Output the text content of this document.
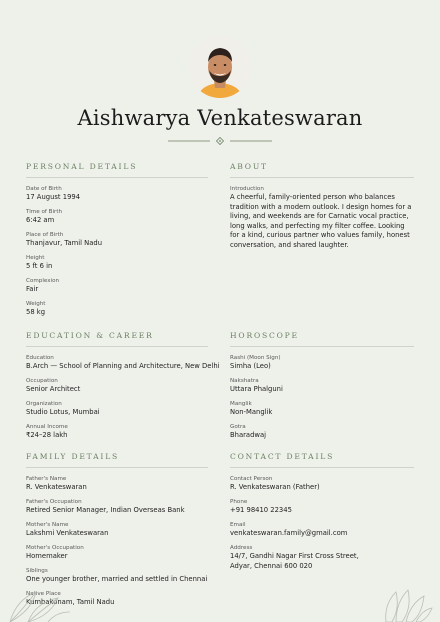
Aishwarya Venkateswaran
PERSONAL DETAILS
Date of Birth
17 August 1994
Time of Birth
6:42 am
Place of Birth
Thanjavur, Tamil Nadu
Height
5 ft 6 in
Complexion
Fair
Weight
58 kg
ABOUT
Introduction
A cheerful, family-oriented person who balances tradition with a modern outlook. I design homes for a living, and weekends are for Carnatic vocal practice, long walks, and perfecting my filter coffee. Looking for a kind, curious partner who values family, honest conversation, and shared laughter.
EDUCATION & CAREER
Education
B.Arch — School of Planning and Architecture, New Delhi
Occupation
Senior Architect
Organization
Studio Lotus, Mumbai
Annual Income
₹24–28 lakh
HOROSCOPE
Rashi (Moon Sign)
Simha (Leo)
Nakshatra
Uttara Phalguni
Manglik
Non-Manglik
Gotra
Bharadwaj
FAMILY DETAILS
Father's Name
R. Venkateswaran
Father's Occupation
Retired Senior Manager, Indian Overseas Bank
Mother's Name
Lakshmi Venkateswaran
Mother's Occupation
Homemaker
Siblings
One younger brother, married and settled in Chennai
Native Place
Kumbakonam, Tamil Nadu
CONTACT DETAILS
Contact Person
R. Venkateswaran (Father)
Phone
+91 98410 22345
Email
venkateswaran.family@gmail.com
Address
14/7, Gandhi Nagar First Cross Street,
Adyar, Chennai 600 020
